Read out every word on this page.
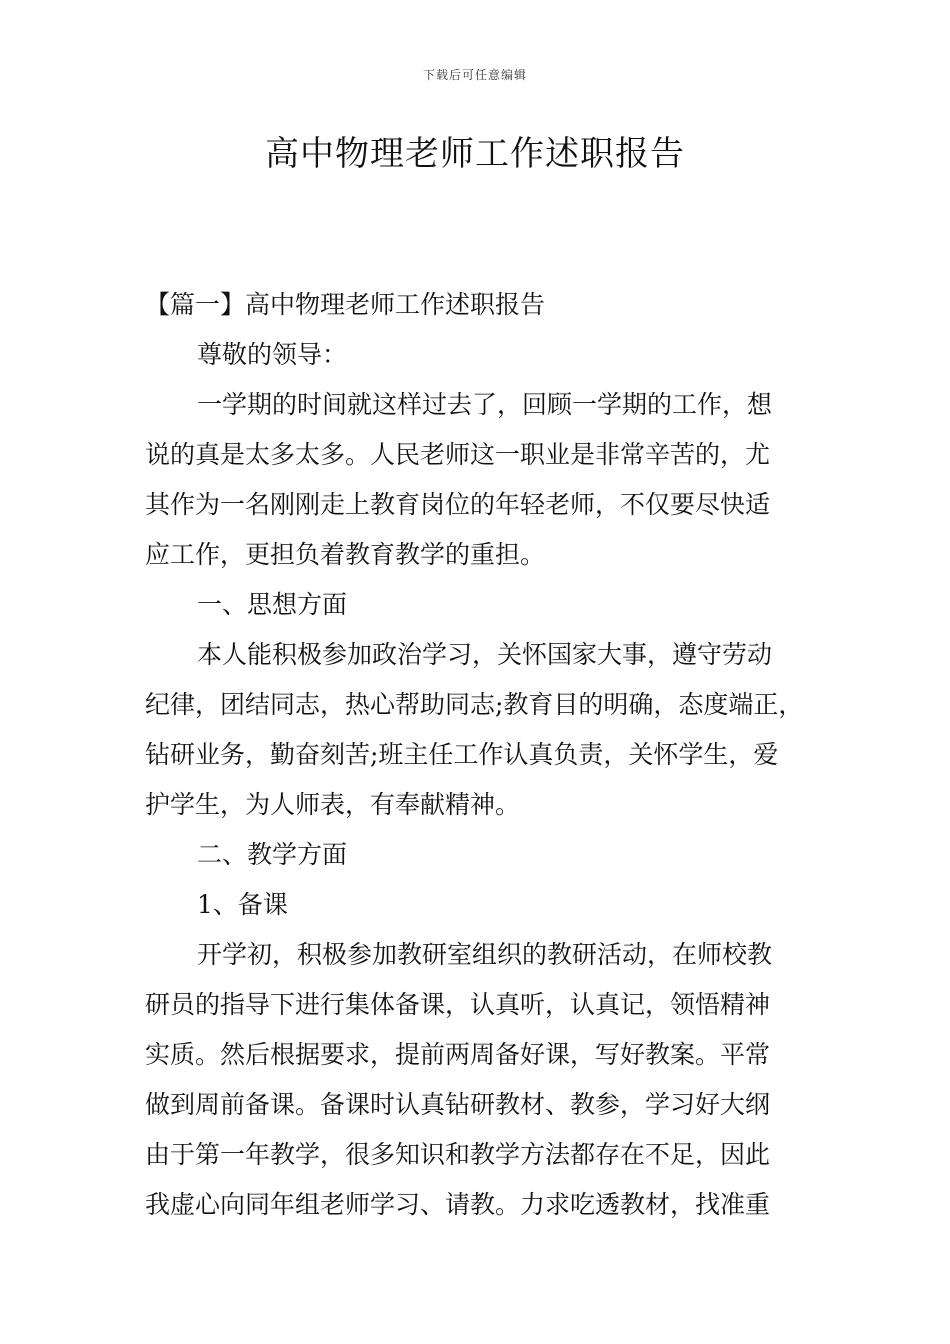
下载后可任意编辑
高中物理老师工作述职报告
【篇一】高中物理老师工作述职报告
尊敬的领导：
一学期的时间就这样过去了，回顾一学期的工作，想
说的真是太多太多。人民老师这一职业是非常辛苦的，尤
其作为一名刚刚走上教育岗位的年轻老师，不仅要尽快适
应工作，更担负着教育教学的重担。
一、思想方面
本人能积极参加政治学习，关怀国家大事，遵守劳动
纪律，团结同志，热心帮助同志;教育目的明确，态度端正，
钻研业务，勤奋刻苦;班主任工作认真负责，关怀学生，爱
护学生，为人师表，有奉献精神。
二、教学方面
1、备课
开学初，积极参加教研室组织的教研活动，在师校教
研员的指导下进行集体备课，认真听，认真记，领悟精神
实质。然后根据要求，提前两周备好课，写好教案。平常
做到周前备课。备课时认真钻研教材、教参，学习好大纲
由于第一年教学，很多知识和教学方法都存在不足，因此
我虚心向同年组老师学习、请教。力求吃透教材，找准重
